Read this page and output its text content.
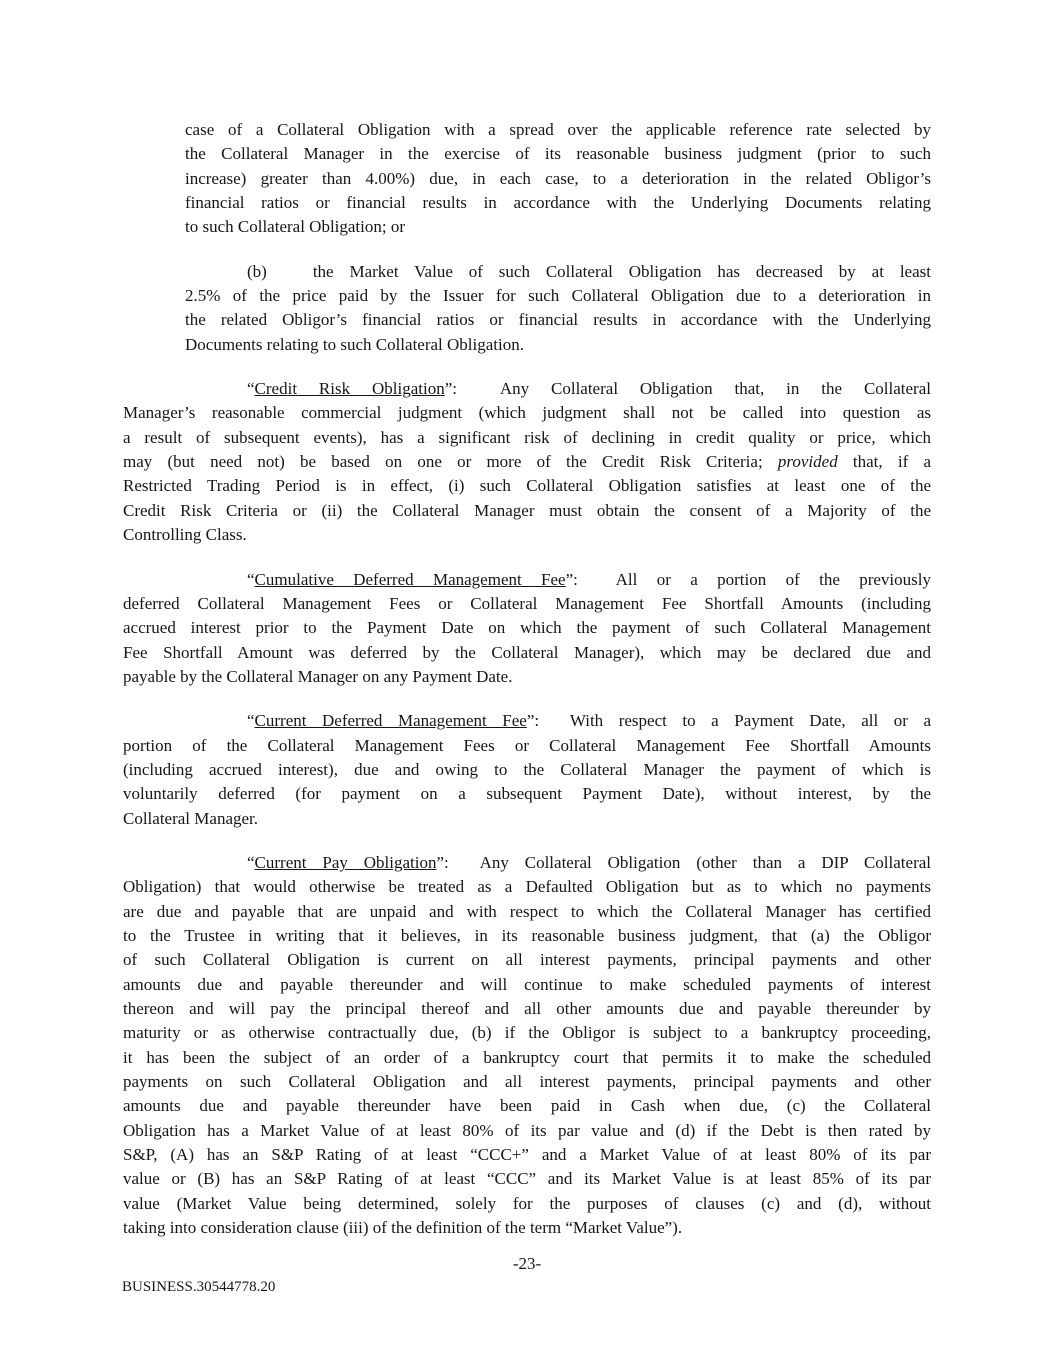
case of a Collateral Obligation with a spread over the applicable reference rate selected by
the Collateral Manager in the exercise of its reasonable business judgment (prior to such
increase) greater than 4.00%) due, in each case, to a deterioration in the related Obligor’s
financial ratios or financial results in accordance with the Underlying Documents relating
to such Collateral Obligation; or
(b)	the Market Value of such Collateral Obligation has decreased by at least
2.5% of the price paid by the Issuer for such Collateral Obligation due to a deterioration in
the related Obligor’s financial ratios or financial results in accordance with the Underlying
Documents relating to such Collateral Obligation.
“Credit Risk Obligation”:  Any Collateral Obligation that, in the Collateral
Manager’s reasonable commercial judgment (which judgment shall not be called into question as
a result of subsequent events), has a significant risk of declining in credit quality or price, which
may (but need not) be based on one or more of the Credit Risk Criteria; provided that, if a
Restricted Trading Period is in effect, (i) such Collateral Obligation satisfies at least one of the
Credit Risk Criteria or (ii) the Collateral Manager must obtain the consent of a Majority of the
Controlling Class.
“Cumulative Deferred Management Fee”:  All or a portion of the previously
deferred Collateral Management Fees or Collateral Management Fee Shortfall Amounts (including
accrued interest prior to the Payment Date on which the payment of such Collateral Management
Fee Shortfall Amount was deferred by the Collateral Manager), which may be declared due and
payable by the Collateral Manager on any Payment Date.
“Current Deferred Management Fee”:  With respect to a Payment Date, all or a
portion of the Collateral Management Fees or Collateral Management Fee Shortfall Amounts
(including accrued interest), due and owing to the Collateral Manager the payment of which is
voluntarily deferred (for payment on a subsequent Payment Date), without interest, by the
Collateral Manager.
“Current Pay Obligation”:  Any Collateral Obligation (other than a DIP Collateral
Obligation) that would otherwise be treated as a Defaulted Obligation but as to which no payments
are due and payable that are unpaid and with respect to which the Collateral Manager has certified
to the Trustee in writing that it believes, in its reasonable business judgment, that (a) the Obligor
of such Collateral Obligation is current on all interest payments, principal payments and other
amounts due and payable thereunder and will continue to make scheduled payments of interest
thereon and will pay the principal thereof and all other amounts due and payable thereunder by
maturity or as otherwise contractually due, (b) if the Obligor is subject to a bankruptcy proceeding,
it has been the subject of an order of a bankruptcy court that permits it to make the scheduled
payments on such Collateral Obligation and all interest payments, principal payments and other
amounts due and payable thereunder have been paid in Cash when due, (c) the Collateral
Obligation has a Market Value of at least 80% of its par value and (d) if the Debt is then rated by
S&P, (A) has an S&P Rating of at least “CCC+” and a Market Value of at least 80% of its par
value or (B) has an S&P Rating of at least “CCC” and its Market Value is at least 85% of its par
value (Market Value being determined, solely for the purposes of clauses (c) and (d), without
taking into consideration clause (iii) of the definition of the term “Market Value”).
-23-
BUSINESS.30544778.20
